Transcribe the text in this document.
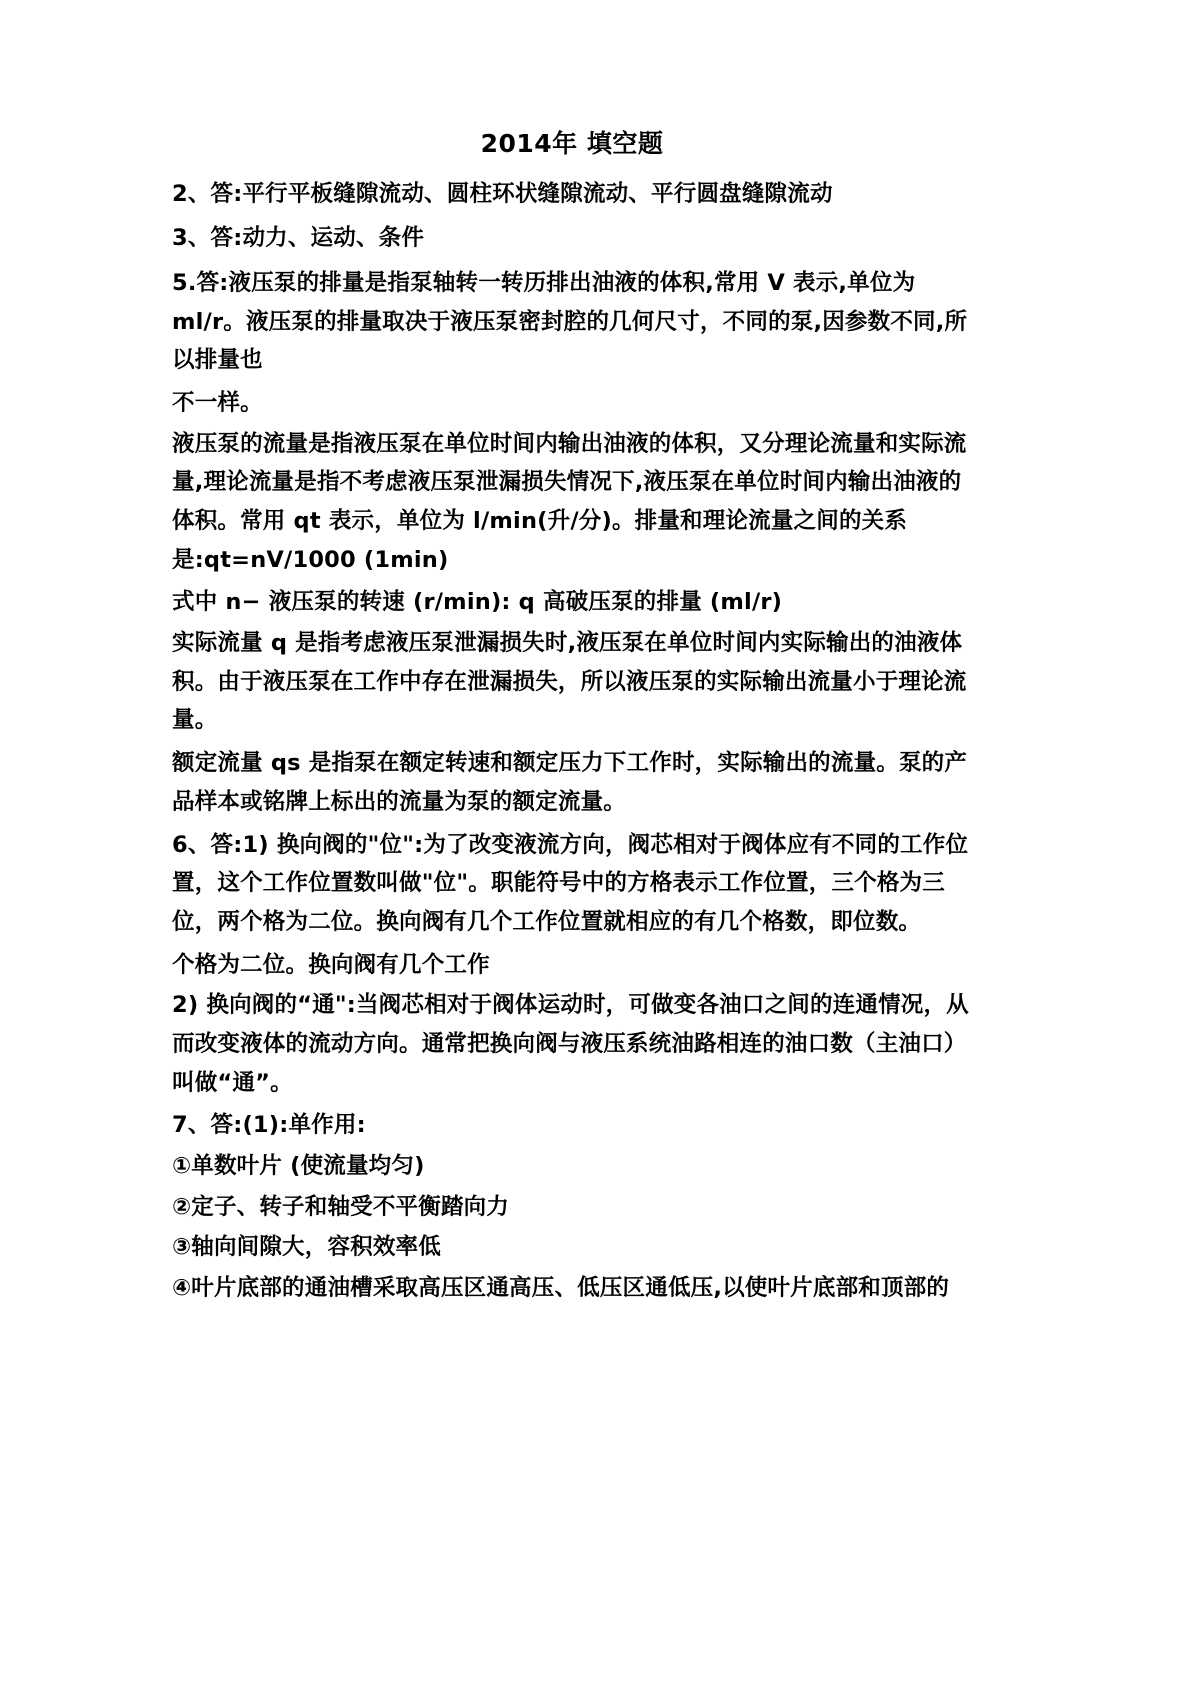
2014年 填空题

2、答:平行平板缝隙流动、圆柱环状缝隙流动、平行圆盘缝隙流动

3、答:动力、运动、条件

5.答:液压泵的排量是指泵轴转一转历排出油液的体积,常用 V 表示,单位为 ml/r。液压泵的排量取决于液压泵密封腔的几何尺寸，不同的泵,因参数不同,所以排量也

不一样。

液压泵的流量是指液压泵在单位时间内输出油液的体积，又分理论流量和实际流量,理论流量是指不考虑液压泵泄漏损失情况下,液压泵在单位时间内输出油液的体积。常用 qt 表示，单位为 l/min(升/分)。排量和理论流量之间的关系是:qt=nV/1000 (1min)

式中 n− 液压泵的转速 (r/min): q 高破压泵的排量 (ml/r)

实际流量 q 是指考虑液压泵泄漏损失时,液压泵在单位时间内实际输出的油液体积。由于液压泵在工作中存在泄漏损失，所以液压泵的实际输出流量小于理论流量。

额定流量 qs 是指泵在额定转速和额定压力下工作时，实际输出的流量。泵的产品样本或铭牌上标出的流量为泵的额定流量。

6、答:1) 换向阀的"位":为了改变液流方向，阀芯相对于阀体应有不同的工作位置，这个工作位置数叫做"位"。职能符号中的方格表示工作位置，三个格为三位，两个格为二位。换向阀有几个工作位置就相应的有几个格数，即位数。

个格为二位。换向阀有几个工作

2) 换向阀的“通":当阀芯相对于阀体运动时，可做变各油口之间的连通情况，从而改变液体的流动方向。通常把换向阀与液压系统油路相连的油口数（主油口）叫做“通”。

7、答:(1):单作用:

①单数叶片 (使流量均匀)

②定子、转子和轴受不平衡踏向力

③轴向间隙大，容积效率低

④叶片底部的通油槽采取高压区通高压、低压区通低压,以使叶片底部和顶部的
